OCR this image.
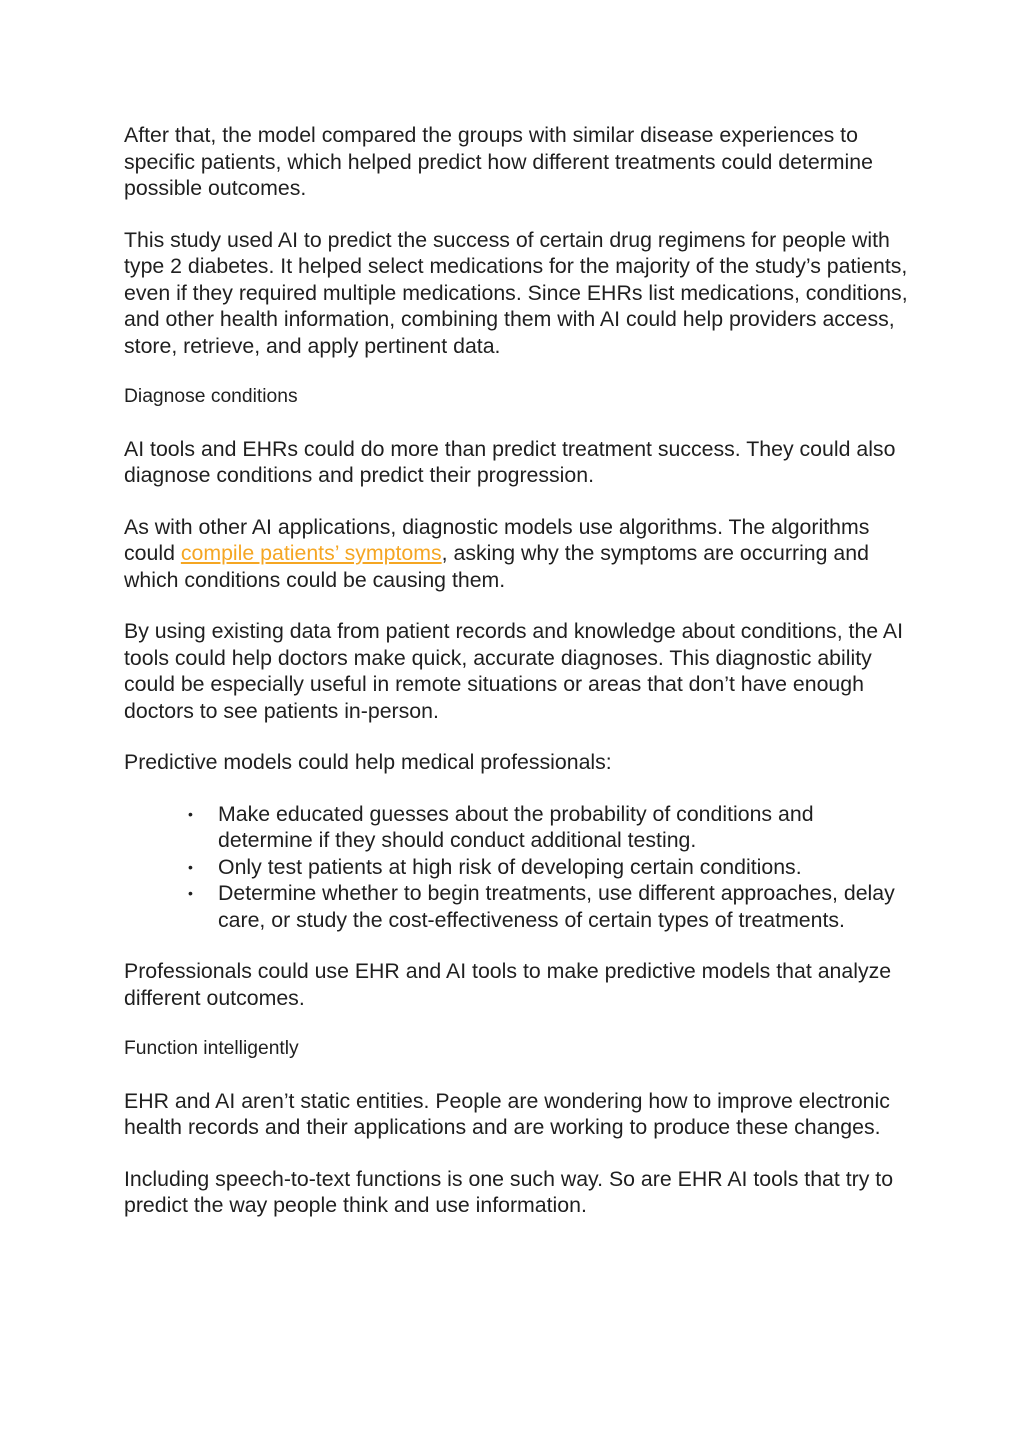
After that, the model compared the groups with similar disease experiences to specific patients, which helped predict how different treatments could determine possible outcomes.

This study used AI to predict the success of certain drug regimens for people with type 2 diabetes. It helped select medications for the majority of the study’s patients, even if they required multiple medications. Since EHRs list medications, conditions, and other health information, combining them with AI could help providers access, store, retrieve, and apply pertinent data.

Diagnose conditions

AI tools and EHRs could do more than predict treatment success. They could also diagnose conditions and predict their progression.

As with other AI applications, diagnostic models use algorithms. The algorithms could compile patients’ symptoms, asking why the symptoms are occurring and which conditions could be causing them.

By using existing data from patient records and knowledge about conditions, the AI tools could help doctors make quick, accurate diagnoses. This diagnostic ability could be especially useful in remote situations or areas that don’t have enough doctors to see patients in-person.

Predictive models could help medical professionals:

• Make educated guesses about the probability of conditions and determine if they should conduct additional testing.
• Only test patients at high risk of developing certain conditions.
• Determine whether to begin treatments, use different approaches, delay care, or study the cost-effectiveness of certain types of treatments.

Professionals could use EHR and AI tools to make predictive models that analyze different outcomes.

Function intelligently

EHR and AI aren’t static entities. People are wondering how to improve electronic health records and their applications and are working to produce these changes.

Including speech-to-text functions is one such way. So are EHR AI tools that try to predict the way people think and use information.
